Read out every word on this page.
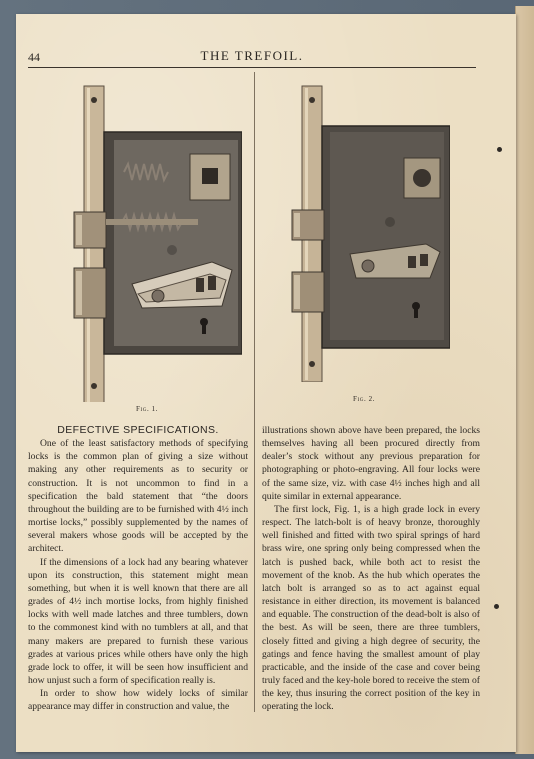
44	THE TREFOIL.
Fig. 1.
Fig. 2.
DEFECTIVE SPECIFICATIONS.

One of the least satisfactory methods of specifying locks is the common plan of giving a size without making any other requirements as to security or construction. It is not uncommon to find in a specification the bald statement that “the doors throughout the building are to be furnished with 4½ inch mortise locks,” possibly supplemented by the names of several makers whose goods will be accepted by the architect.

If the dimensions of a lock had any bearing whatever upon its construction, this statement might mean something, but when it is well known that there are all grades of 4½ inch mortise locks, from highly finished locks with well made latches and three tumblers, down to the commonest kind with no tumblers at all, and that many makers are prepared to furnish these various grades at various prices while others have only the high grade lock to offer, it will be seen how insufficient and how unjust such a form of specification really is.

In order to show how widely locks of similar appearance may differ in construction and value, the

illustrations shown above have been prepared, the locks themselves having all been procured directly from dealer’s stock without any previous preparation for photographing or photo-engraving. All four locks were of the same size, viz. with case 4½ inches high and all quite similar in external appearance.

The first lock, Fig. 1, is a high grade lock in every respect. The latch-bolt is of heavy bronze, thoroughly well finished and fitted with two spiral springs of hard brass wire, one spring only being compressed when the latch is pushed back, while both act to resist the movement of the knob. As the hub which operates the latch bolt is arranged so as to act against equal resistance in either direction, its movement is balanced and equable. The construction of the dead-bolt is also of the best. As will be seen, there are three tumblers, closely fitted and giving a high degree of security, the gatings and fence having the smallest amount of play practicable, and the inside of the case and cover being truly faced and the key-hole bored to receive the stem of the key, thus insuring the correct position of the key in operating the lock.
